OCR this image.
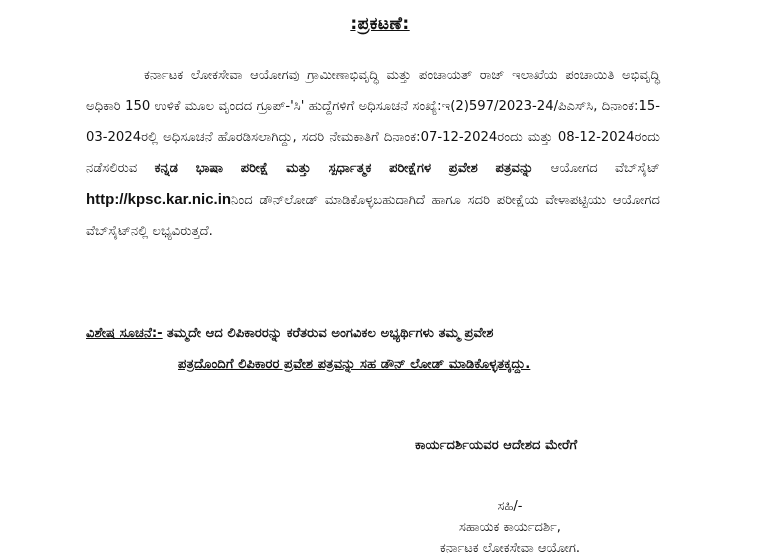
:ಪ್ರಕಟಣೆ:

ಕರ್ನಾಟಕ ಲೋಕಸೇವಾ ಆಯೋಗವು ಗ್ರಾಮೀಣಾಭಿವೃದ್ಧಿ ಮತ್ತು ಪಂಚಾಯತ್ ರಾಜ್ ಇಲಾಖೆಯ ಪಂಚಾಯಿತಿ ಅಭಿವೃದ್ಧಿ ಅಧಿಕಾರಿ 150 ಉಳಿಕೆ ಮೂಲ ವೃಂದದ ಗ್ರೂಪ್-'ಸಿ' ಹುದ್ದೆಗಳಿಗೆ ಅಧಿಸೂಚನೆ ಸಂಖ್ಯೆ:ಇ(2)597/2023-24/ಪಿಎಸ್‌ಸಿ, ದಿನಾಂಕ:15-03-2024ರಲ್ಲಿ ಅಧಿಸೂಚನೆ ಹೊರಡಿಸಲಾಗಿದ್ದು, ಸದರಿ ನೇಮಕಾತಿಗೆ ದಿನಾಂಕ:07-12-2024ರಂದು ಮತ್ತು 08-12-2024ರಂದು ನಡೆಸಲಿರುವ ಕನ್ನಡ ಭಾಷಾ ಪರೀಕ್ಷೆ ಮತ್ತು ಸ್ಪರ್ಧಾತ್ಮಕ ಪರೀಕ್ಷೆಗಳ ಪ್ರವೇಶ ಪತ್ರವನ್ನು ಆಯೋಗದ ವೆಬ್‌ಸೈಟ್ http://kpsc.kar.nic.inನಿಂದ ಡೌನ್‌ಲೋಡ್ ಮಾಡಿಕೊಳ್ಳಬಹುದಾಗಿದೆ ಹಾಗೂ ಸದರಿ ಪರೀಕ್ಷೆಯ ವೇಳಾಪಟ್ಟಿಯು ಆಯೋಗದ ವೆಬ್‌ಸೈಟ್‌ನಲ್ಲಿ ಲಭ್ಯವಿರುತ್ತದೆ.

ವಿಶೇಷ ಸೂಚನೆ:- ತಮ್ಮದೇ ಆದ ಲಿಪಿಕಾರರನ್ನು ಕರೆತರುವ ಅಂಗವಿಕಲ ಅಭ್ಯರ್ಥಿಗಳು ತಮ್ಮ ಪ್ರವೇಶ
ಪತ್ರದೊಂದಿಗೆ ಲಿಪಿಕಾರರ ಪ್ರವೇಶ ಪತ್ರವನ್ನು ಸಹ ಡೌನ್ ಲೋಡ್ ಮಾಡಿಕೊಳ್ಳತಕ್ಕದ್ದು.
ಕಾರ್ಯದರ್ಶಿಯವರ ಆದೇಶದ ಮೇರೆಗೆ
ಸಹಿ/-
ಸಹಾಯಕ ಕಾರ್ಯದರ್ಶಿ,
ಕರ್ನಾಟಕ ಲೋಕಸೇವಾ ಆಯೋಗ.
